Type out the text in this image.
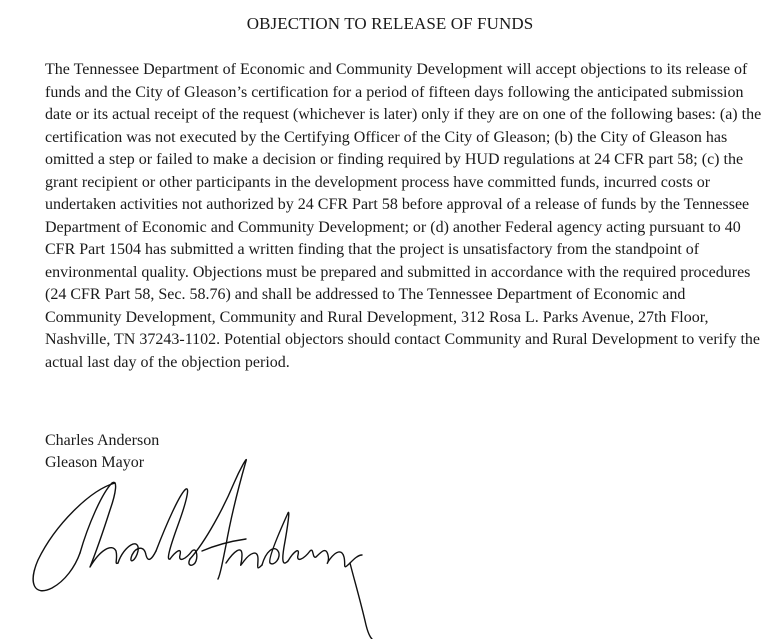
OBJECTION TO RELEASE OF FUNDS

The Tennessee Department of Economic and Community Development will accept objections to its release of funds and the City of Gleason’s certification for a period of fifteen days following the anticipated submission date or its actual receipt of the request (whichever is later) only if they are on one of the following bases: (a) the certification was not executed by the Certifying Officer of the City of Gleason; (b) the City of Gleason has omitted a step or failed to make a decision or finding required by HUD regulations at 24 CFR part 58; (c) the grant recipient or other participants in the development process have committed funds, incurred costs or undertaken activities not authorized by 24 CFR Part 58 before approval of a release of funds by the Tennessee Department of Economic and Community Development; or (d) another Federal agency acting pursuant to 40 CFR Part 1504 has submitted a written finding that the project is unsatisfactory from the standpoint of environmental quality. Objections must be prepared and submitted in accordance with the required procedures (24 CFR Part 58, Sec. 58.76) and shall be addressed to The Tennessee Department of Economic and Community Development, Community and Rural Development, 312 Rosa L. Parks Avenue, 27th Floor, Nashville, TN 37243-1102. Potential objectors should contact Community and Rural Development to verify the actual last day of the objection period.

Charles Anderson
Gleason Mayor
